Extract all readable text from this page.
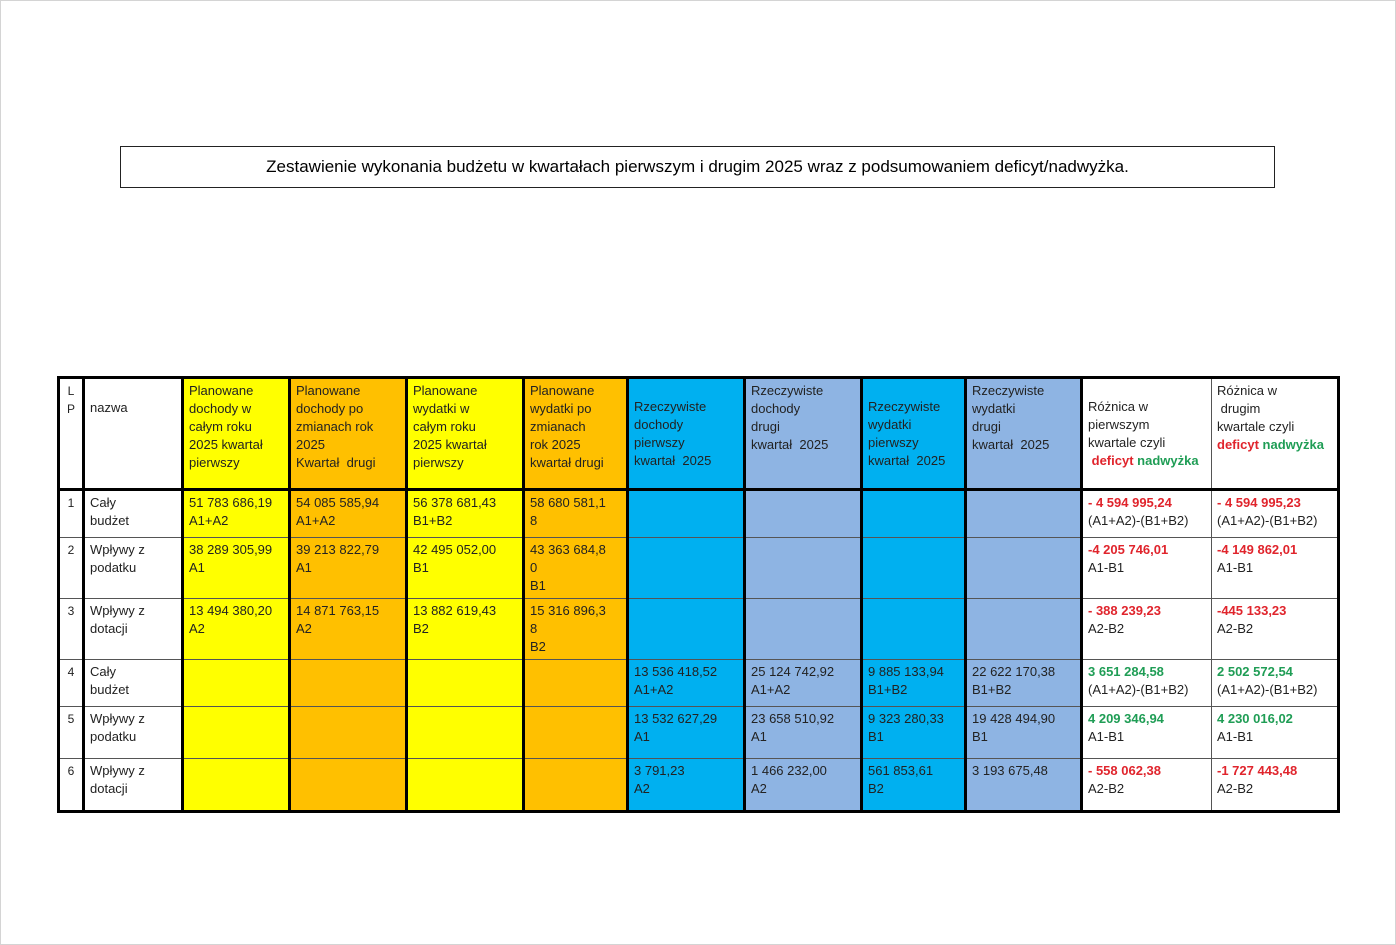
Zestawienie wykonania budżetu w kwartałach pierwszym i drugim 2025 wraz z podsumowaniem deficyt/nadwyżka.
L
P	nazwa	Planowane
dochody w
całym roku
2025 kwartał
pierwszy	Planowane
dochody po
zmianach rok
2025
Kwartał  drugi	Planowane
wydatki w
całym roku
2025 kwartał
pierwszy	Planowane
wydatki po
zmianach
rok 2025
kwartał drugi	Rzeczywiste
dochody
pierwszy
kwartał  2025	Rzeczywiste
dochody
drugi
kwartał  2025	Rzeczywiste
wydatki
pierwszy
kwartał  2025	Rzeczywiste
wydatki
drugi
kwartał  2025	Różnica w
pierwszym
kwartale czyli
deficyt nadwyżka	Różnica w
drugim
kwartale czyli
deficyt nadwyżka

1	Cały
budżet	51 783 686,19
A1+A2	54 085 585,94
A1+A2	56 378 681,43
B1+B2	58 680 581,1
8					- 4 594 995,24
(A1+A2)-(B1+B2)	- 4 594 995,23
(A1+A2)-(B1+B2)

2	Wpływy z
podatku	38 289 305,99
A1	39 213 822,79
A1	42 495 052,00
B1	43 363 684,8
0
B1					-4 205 746,01
A1-B1	-4 149 862,01
A1-B1

3	Wpływy z
dotacji	13 494 380,20
A2	14 871 763,15
A2	13 882 619,43
B2	15 316 896,3
8
B2					- 388 239,23
A2-B2	-445 133,23
A2-B2

4	Cały
budżet					13 536 418,52
A1+A2	25 124 742,92
A1+A2	9 885 133,94
B1+B2	22 622 170,38
B1+B2	3 651 284,58
(A1+A2)-(B1+B2)	2 502 572,54
(A1+A2)-(B1+B2)

5	Wpływy z
podatku					13 532 627,29
A1	23 658 510,92
A1	9 323 280,33
B1	19 428 494,90
B1	4 209 346,94
A1-B1	4 230 016,02
A1-B1

6	Wpływy z
dotacji					3 791,23
A2	1 466 232,00
A2	561 853,61
B2	3 193 675,48	- 558 062,38
A2-B2	-1 727 443,48
A2-B2
